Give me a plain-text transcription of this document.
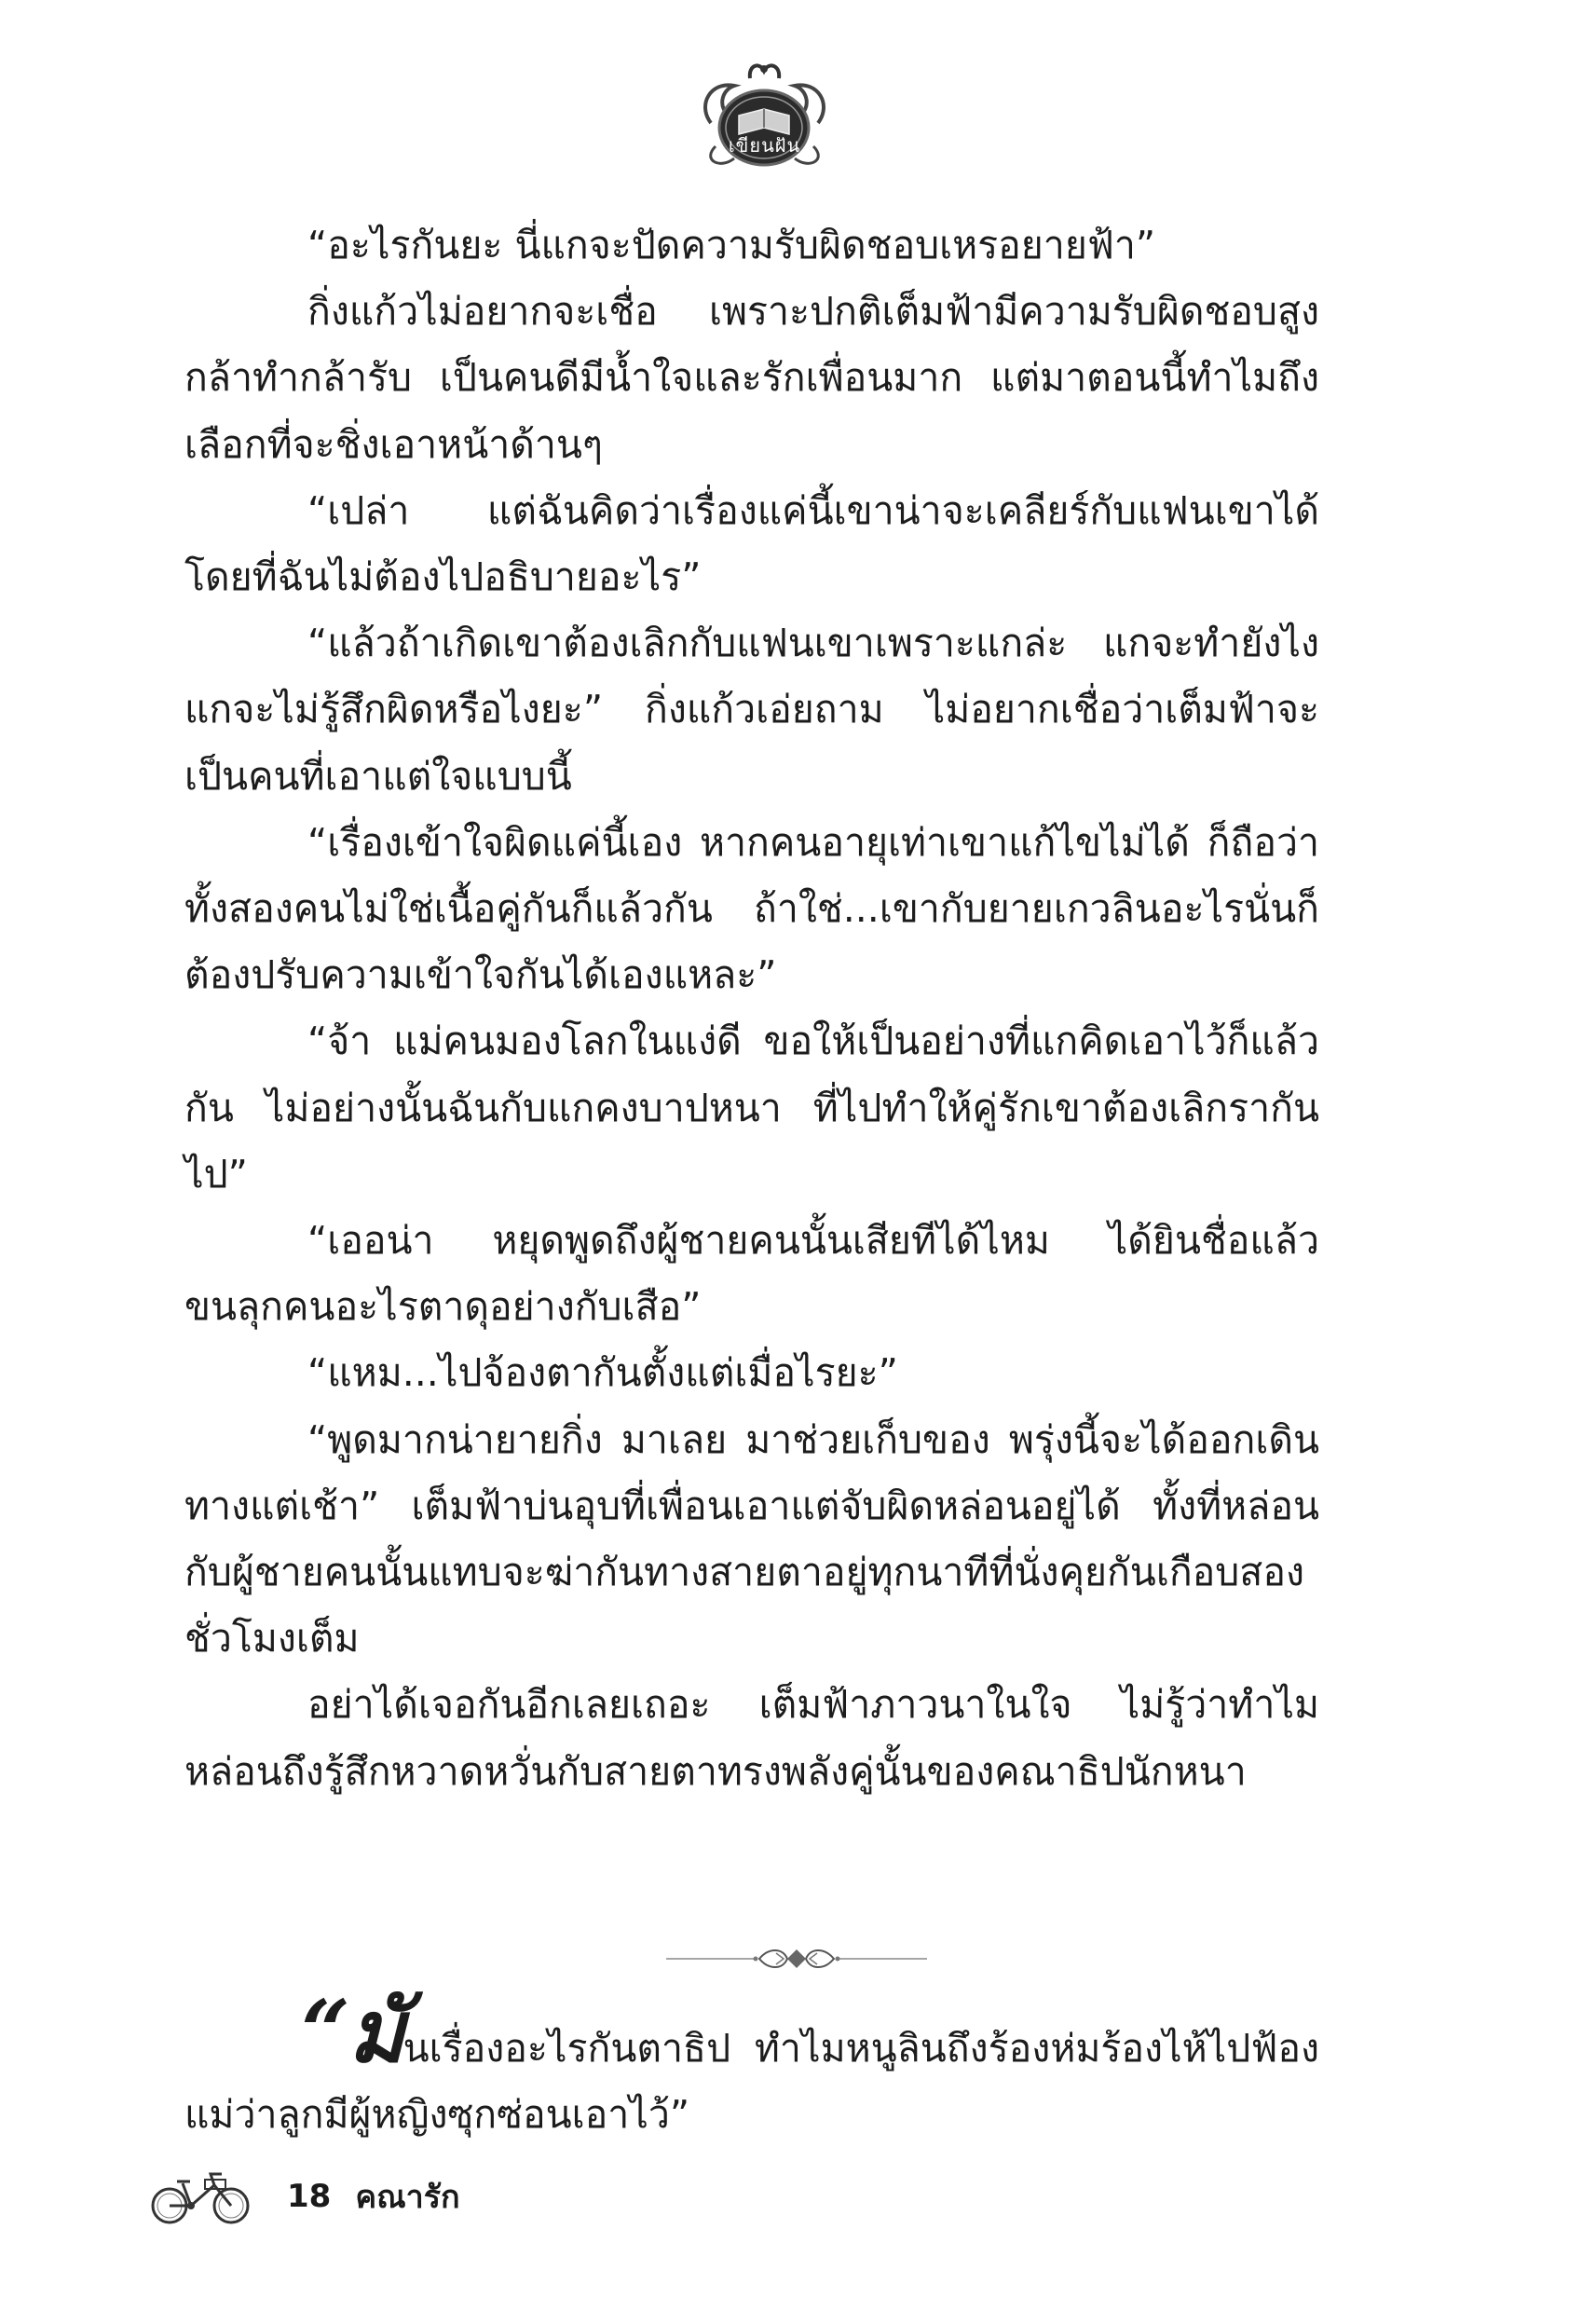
เขียนฝัน

“อะไรกันยะ นี่แกจะปัดความรับผิดชอบเหรอยายฟ้า”

กิ่งแก้วไม่อยากจะเชื่อ เพราะปกติเต็มฟ้ามีความรับผิดชอบสูง กล้าทำกล้ารับ เป็นคนดีมีน้ำใจและรักเพื่อนมาก แต่มาตอนนี้ทำไมถึงเลือกที่จะชิ่งเอาหน้าด้านๆ

“เปล่า แต่ฉันคิดว่าเรื่องแค่นี้เขาน่าจะเคลียร์กับแฟนเขาได้ โดยที่ฉันไม่ต้องไปอธิบายอะไร”

“แล้วถ้าเกิดเขาต้องเลิกกับแฟนเขาเพราะแกล่ะ แกจะทำยังไง แกจะไม่รู้สึกผิดหรือไงยะ” กิ่งแก้วเอ่ยถาม ไม่อยากเชื่อว่าเต็มฟ้าจะเป็นคนที่เอาแต่ใจแบบนี้

“เรื่องเข้าใจผิดแค่นี้เอง หากคนอายุเท่าเขาแก้ไขไม่ได้ ก็ถือว่าทั้งสองคนไม่ใช่เนื้อคู่กันก็แล้วกัน ถ้าใช่...เขากับยายเกวลินอะไรนั่นก็ต้องปรับความเข้าใจกันได้เองแหละ”

“จ้า แม่คนมองโลกในแง่ดี ขอให้เป็นอย่างที่แกคิดเอาไว้ก็แล้วกัน ไม่อย่างนั้นฉันกับแกคงบาปหนา ที่ไปทำให้คู่รักเขาต้องเลิกรากันไป”

“เออน่า หยุดพูดถึงผู้ชายคนนั้นเสียทีได้ไหม ได้ยินชื่อแล้วขนลุกคนอะไรตาดุอย่างกับเสือ”

“แหม...ไปจ้องตากันตั้งแต่เมื่อไรยะ”

“พูดมากน่ายายกิ่ง มาเลย มาช่วยเก็บของ พรุ่งนี้จะได้ออกเดินทางแต่เช้า” เต็มฟ้าบ่นอุบที่เพื่อนเอาแต่จับผิดหล่อนอยู่ได้ ทั้งที่หล่อนกับผู้ชายคนนั้นแทบจะฆ่ากันทางสายตาอยู่ทุกนาทีที่นั่งคุยกันเกือบสองชั่วโมงเต็ม

อย่าได้เจอกันอีกเลยเถอะ เต็มฟ้าภาวนาในใจ ไม่รู้ว่าทำไมหล่อนถึงรู้สึกหวาดหวั่นกับสายตาทรงพลังคู่นั้นของคณาธิปนักหนา

“มันเรื่องอะไรกันตาธิป ทำไมหนูลินถึงร้องห่มร้องไห้ไปฟ้องแม่ว่าลูกมีผู้หญิงซุกซ่อนเอาไว้”

18 คณารัก
